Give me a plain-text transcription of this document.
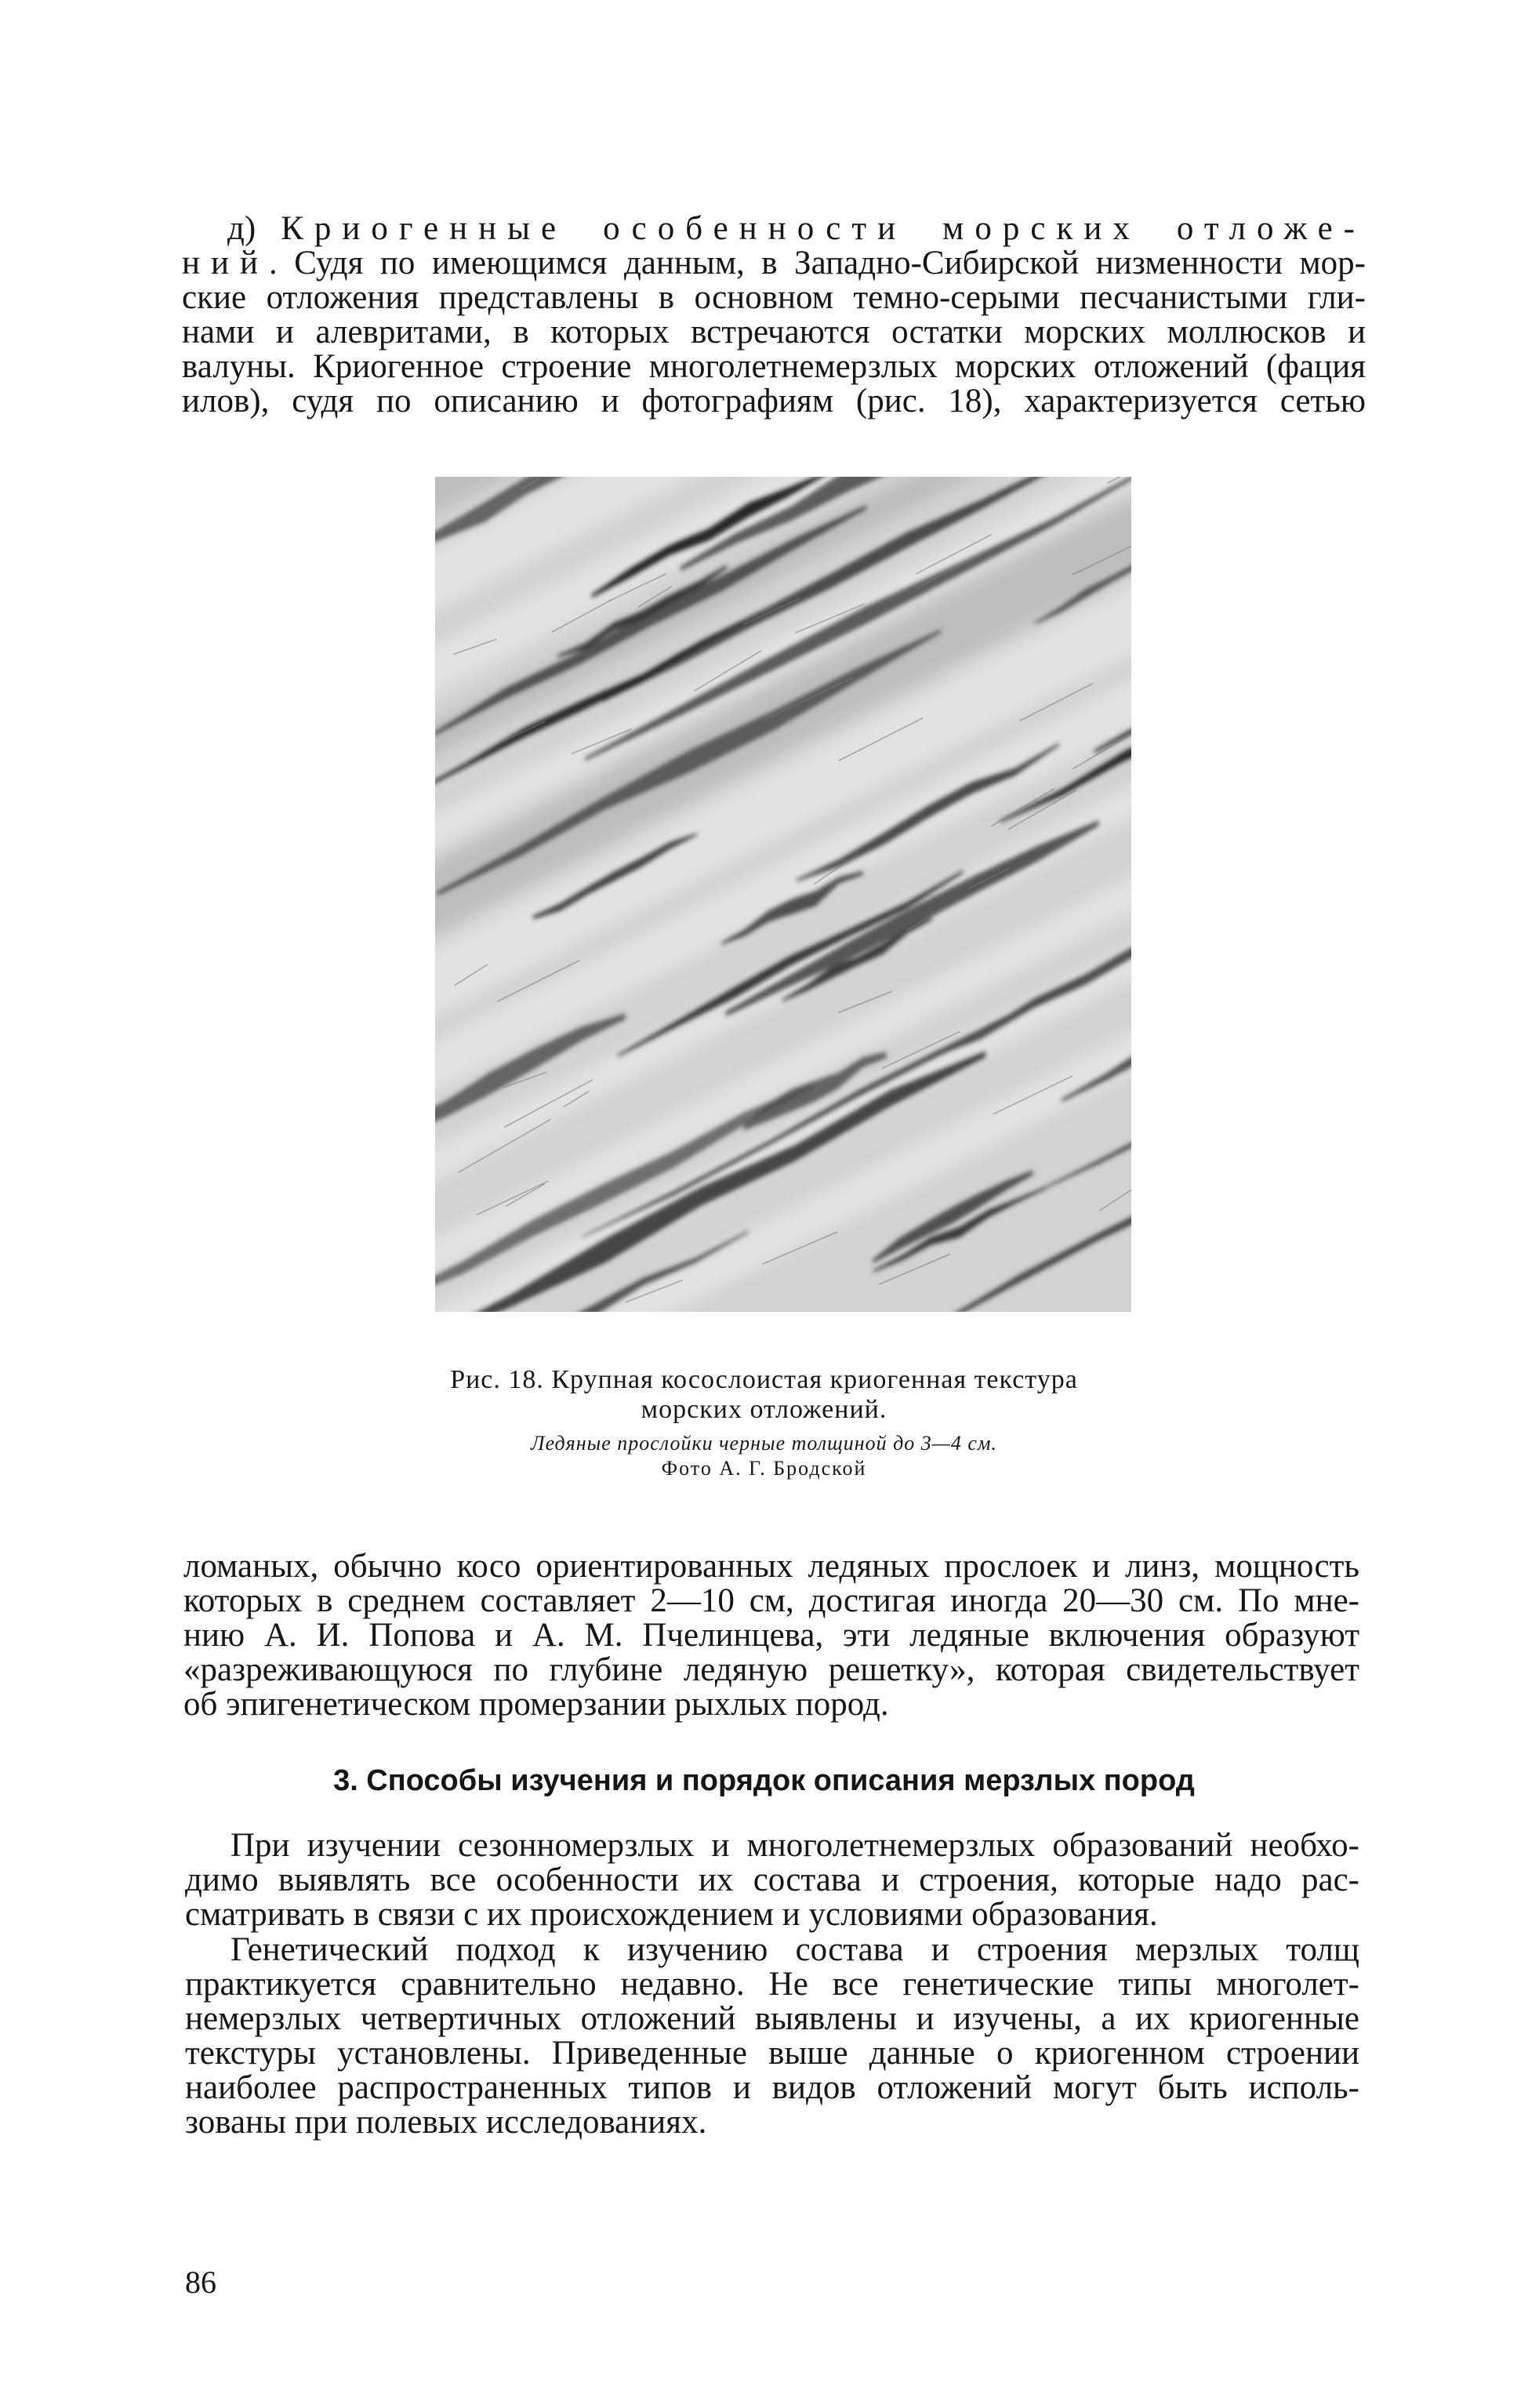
д) Криогенные особенности морских отложе-
ний. Судя по имеющимся данным, в Западно-Сибирской низменности мор-
ские отложения представлены в основном темно-серыми песчанистыми гли-
нами и алевритами, в которых встречаются остатки морских моллюсков и
валуны. Криогенное строение многолетнемерзлых морских отложений (фация
илов), судя по описанию и фотографиям (рис. 18), характеризуется сетью

Рис. 18. Крупная косослоистая криогенная текстура

морских отложений.

Ледяные прослойки черные толщиной до 3—4 см.

Фото А. Г. Бродской

ломаных, обычно косо ориентированных ледяных прослоек и линз, мощность
которых в среднем составляет 2—10 см, достигая иногда 20—30 см. По мне-
нию А. И. Попова и А. М. Пчелинцева, эти ледяные включения образуют
«разреживающуюся по глубине ледяную решетку», которая свидетельствует
об эпигенетическом промерзании рыхлых пород.
3. Способы изучения и порядок описания мерзлых пород
При изучении сезонномерзлых и многолетнемерзлых образований необхо-
димо выявлять все особенности их состава и строения, которые надо рас-
сматривать в связи с их происхождением и условиями образования.
Генетический подход к изучению состава и строения мерзлых толщ
практикуется сравнительно недавно. Не все генетические типы многолет-
немерзлых четвертичных отложений выявлены и изучены, а их криогенные
текстуры установлены. Приведенные выше данные о криогенном строении
наиболее распространенных типов и видов отложений могут быть исполь-
зованы при полевых исследованиях.

86
